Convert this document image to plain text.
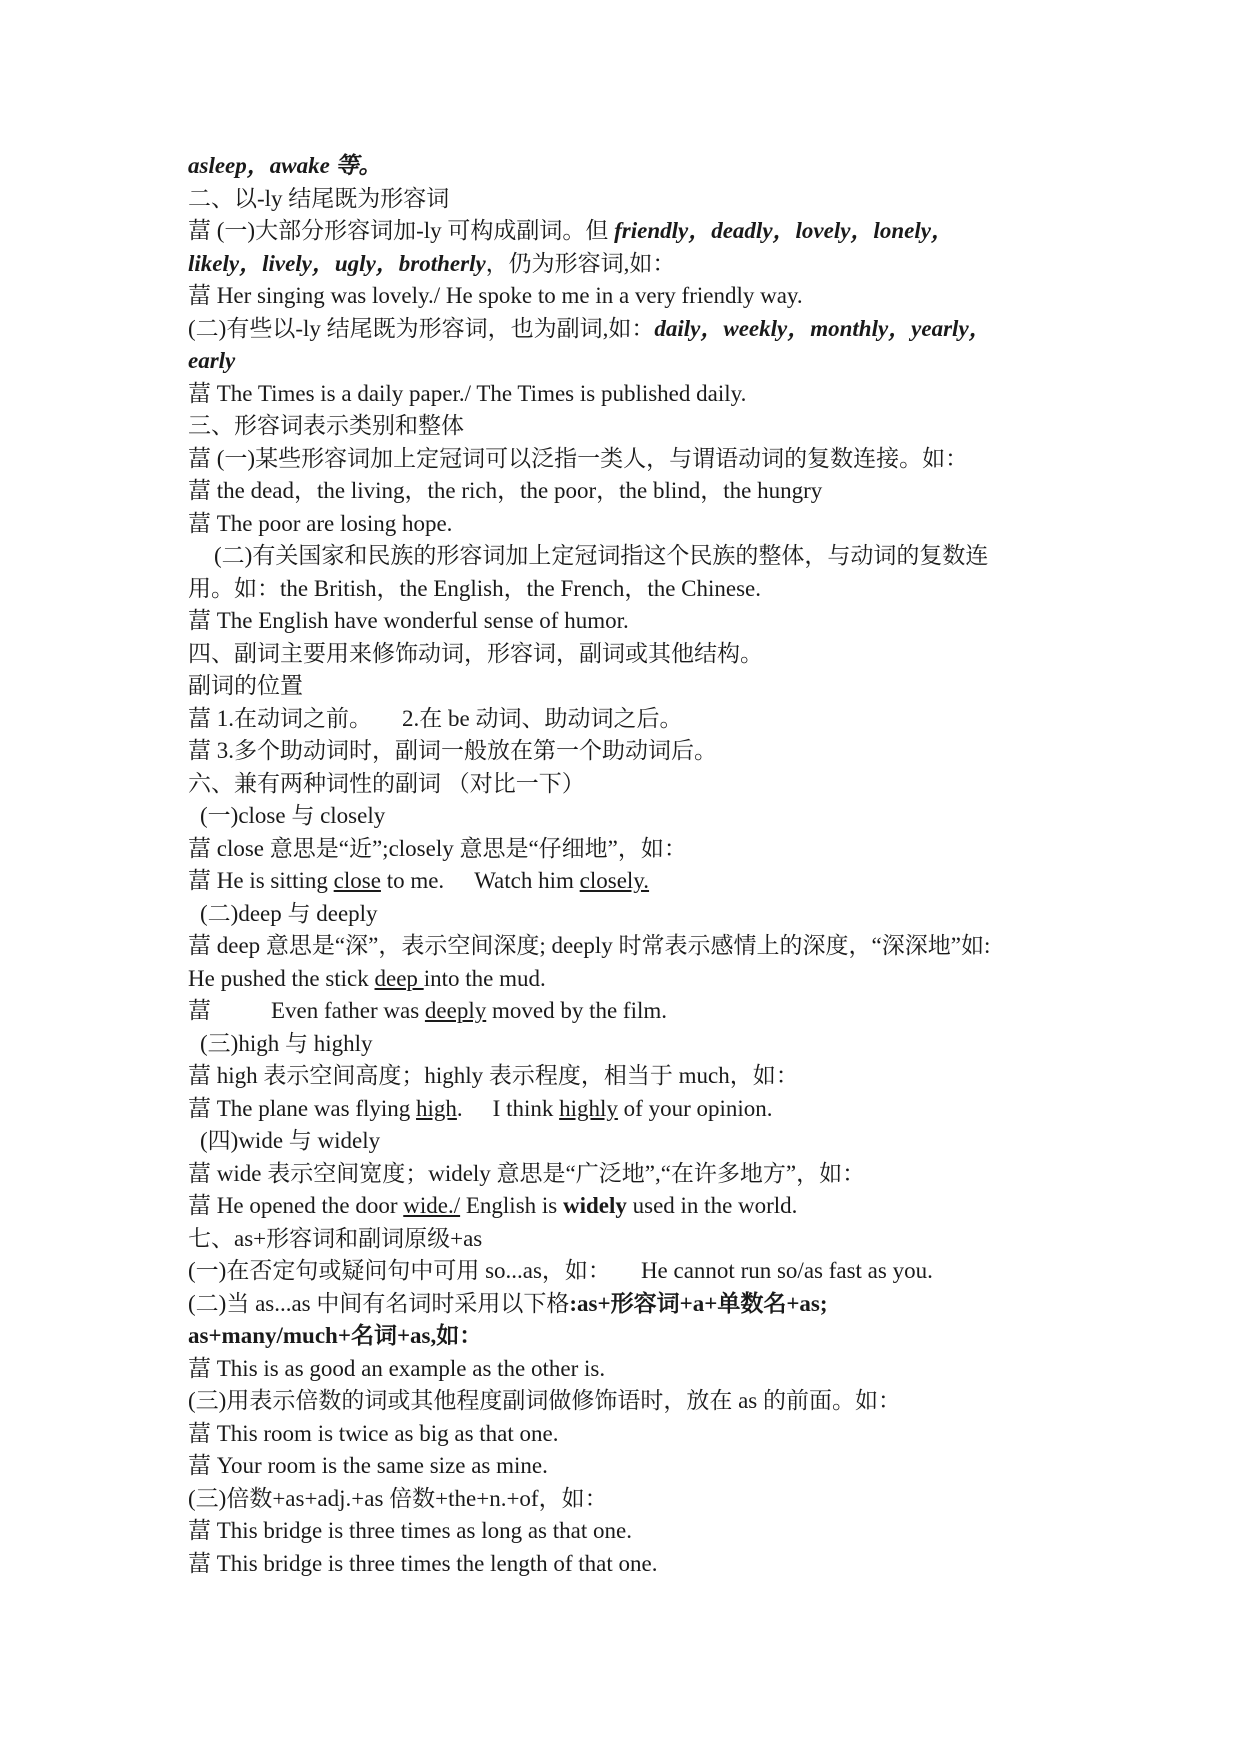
asleep，awake 等。
二、以-ly 结尾既为形容词
葍 (一)大部分形容词加-ly 可构成副词。但 friendly，deadly，lovely，lonely，
likely，lively，ugly，brotherly，仍为形容词,如：
葍 Her singing was lovely./ He spoke to me in a very friendly way.
(二)有些以-ly 结尾既为形容词，也为副词,如：daily，weekly，monthly，yearly，
early
葍 The Times is a daily paper./ The Times is published daily.
三、形容词表示类别和整体
葍 (一)某些形容词加上定冠词可以泛指一类人，与谓语动词的复数连接。如：
葍 the dead，the living，the rich，the poor，the blind，the hungry
葍 The poor are losing hope.
(二)有关国家和民族的形容词加上定冠词指这个民族的整体，与动词的复数连
用。如：the British，the English，the French，the Chinese.
葍 The English have wonderful sense of humor.
四、副词主要用来修饰动词，形容词，副词或其他结构。
副词的位置
葍 1.在动词之前。 2.在 be 动词、助动词之后。
葍 3.多个助动词时，副词一般放在第一个助动词后。
六、兼有两种词性的副词 （对比一下）
(一)close 与 closely
葍 close 意思是“近”;closely 意思是“仔细地”，如：
葍 He is sitting close to me. Watch him closely.
(二)deep 与 deeply
葍 deep 意思是“深”，表示空间深度; deeply 时常表示感情上的深度，“深深地”如:
He pushed the stick deep into the mud.
葍	Even father was deeply moved by the film.
(三)high 与 highly
葍 high 表示空间高度；highly 表示程度，相当于 much，如：
葍 The plane was flying high. I think highly of your opinion.
(四)wide 与 widely
葍 wide 表示空间宽度；widely 意思是“广泛地”,“在许多地方”，如：
葍 He opened the door wide./ English is widely used in the world.
七、as+形容词和副词原级+as
(一)在否定句或疑问句中可用 so...as，如： He cannot run so/as fast as you.
(二)当 as...as 中间有名词时采用以下格:as+形容词+a+单数名+as;
as+many/much+名词+as,如：
葍 This is as good an example as the other is.
(三)用表示倍数的词或其他程度副词做修饰语时，放在 as 的前面。如：
葍 This room is twice as big as that one.
葍 Your room is the same size as mine.
(三)倍数+as+adj.+as 倍数+the+n.+of，如：
葍 This bridge is three times as long as that one.
葍 This bridge is three times the length of that one.
